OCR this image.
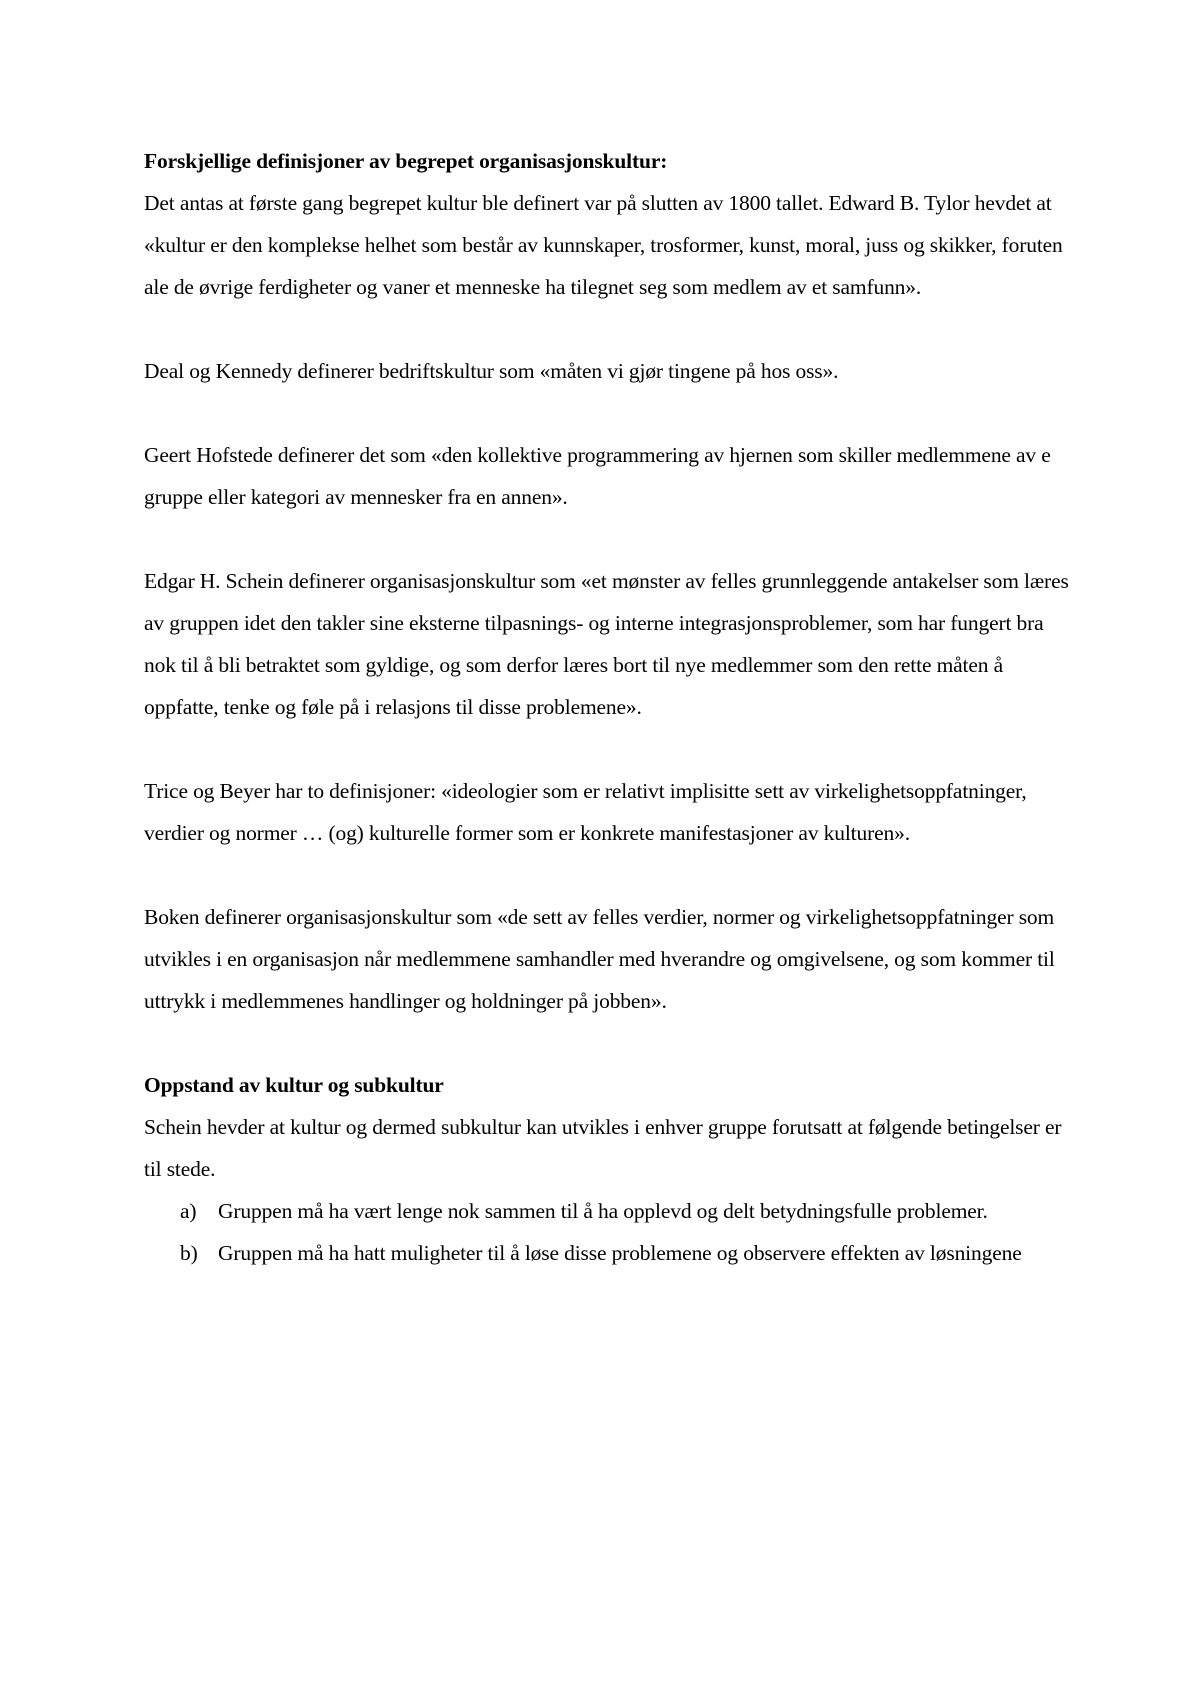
Forskjellige definisjoner av begrepet organisasjonskultur:

Det antas at første gang begrepet kultur ble definert var på slutten av 1800 tallet. Edward B. Tylor hevdet at «kultur er den komplekse helhet som består av kunnskaper, trosformer, kunst, moral, juss og skikker, foruten ale de øvrige ferdigheter og vaner et menneske ha tilegnet seg som medlem av et samfunn».

Deal og Kennedy definerer bedriftskultur som «måten vi gjør tingene på hos oss».

Geert Hofstede definerer det som «den kollektive programmering av hjernen som skiller medlemmene av e gruppe eller kategori av mennesker fra en annen».

Edgar H. Schein definerer organisasjonskultur som «et mønster av felles grunnleggende antakelser som læres av gruppen idet den takler sine eksterne tilpasnings- og interne integrasjonsproblemer, som har fungert bra nok til å bli betraktet som gyldige, og som derfor læres bort til nye medlemmer som den rette måten å oppfatte, tenke og føle på i relasjons til disse problemene».

Trice og Beyer har to definisjoner: «ideologier som er relativt implisitte sett av virkelighetsoppfatninger, verdier og normer … (og) kulturelle former som er konkrete manifestasjoner av kulturen».

Boken definerer organisasjonskultur som «de sett av felles verdier, normer og virkelighetsoppfatninger som utvikles i en organisasjon når medlemmene samhandler med hverandre og omgivelsene, og som kommer til uttrykk i medlemmenes handlinger og holdninger på jobben».

Oppstand av kultur og subkultur

Schein hevder at kultur og dermed subkultur kan utvikles i enhver gruppe forutsatt at følgende betingelser er til stede.

a) Gruppen må ha vært lenge nok sammen til å ha opplevd og delt betydningsfulle problemer.
b) Gruppen må ha hatt muligheter til å løse disse problemene og observere effekten av løsningene
